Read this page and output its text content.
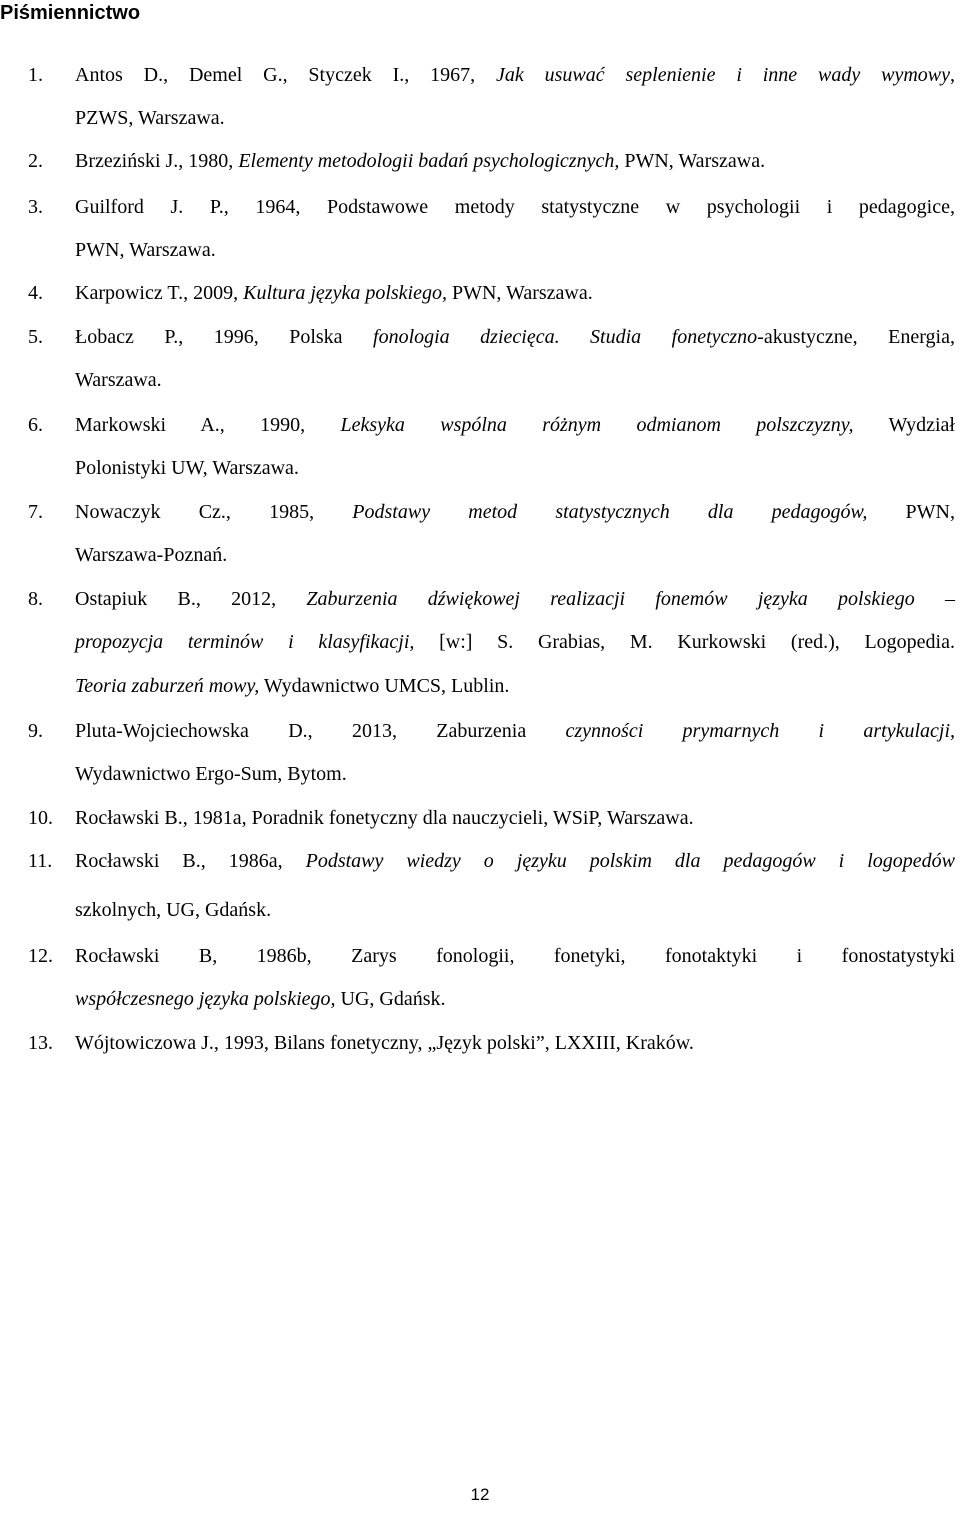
Piśmiennictwo
1.	Antos D., Demel G., Styczek I., 1967, Jak usuwać seplenienie i inne wady wymowy,
PZWS, Warszawa.
2.	Brzeziński J., 1980, Elementy metodologii badań psychologicznych, PWN, Warszawa.
3.	Guilford J. P., 1964, Podstawowe metody statystyczne w psychologii i pedagogice,
PWN, Warszawa.
4.	Karpowicz T., 2009, Kultura języka polskiego, PWN, Warszawa.
5.	Łobacz P., 1996, Polska fonologia dziecięca. Studia fonetyczno-akustyczne, Energia,
Warszawa.
6.	Markowski A., 1990, Leksyka wspólna różnym odmianom polszczyzny, Wydział
Polonistyki UW, Warszawa.
7.	Nowaczyk Cz., 1985, Podstawy metod statystycznych dla pedagogów, PWN,
Warszawa-Poznań.
8.	Ostapiuk B., 2012, Zaburzenia dźwiękowej realizacji fonemów języka polskiego –
propozycja terminów i klasyfikacji, [w:] S. Grabias, M. Kurkowski (red.), Logopedia.
Teoria zaburzeń mowy, Wydawnictwo UMCS, Lublin.
9.	Pluta-Wojciechowska D., 2013, Zaburzenia czynności prymarnych i artykulacji,
Wydawnictwo Ergo-Sum, Bytom.
10.	Rocławski B., 1981a, Poradnik fonetyczny dla nauczycieli, WSiP, Warszawa.
11.	Rocławski B., 1986a, Podstawy wiedzy o języku polskim dla pedagogów i logopedów
szkolnych, UG, Gdańsk.
12.	Rocławski B, 1986b, Zarys fonologii, fonetyki, fonotaktyki i fonostatystyki
współczesnego języka polskiego, UG, Gdańsk.
13.	Wójtowiczowa J., 1993, Bilans fonetyczny, „Język polski”, LXXIII, Kraków.
12
